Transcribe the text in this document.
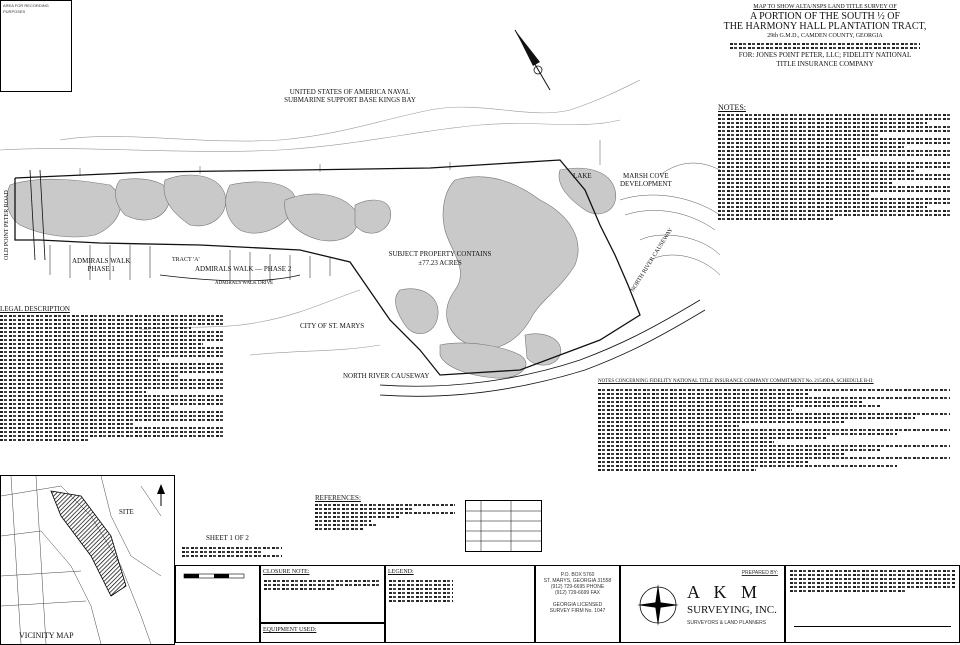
AREA FOR RECORDING PURPOSES
MAP TO SHOW ALTA/NSPS LAND TITLE SURVEY OF
A PORTION OF THE SOUTH ½ OF
THE HARMONY HALL PLANTATION TRACT,
29th G.M.D., CAMDEN COUNTY, GEORGIA
FOR: JONES POINT PETER, LLC; FIDELITY NATIONAL
TITLE INSURANCE COMPANY
UNITED STATES OF AMERICA NAVAL
SUBMARINE SUPPORT BASE KINGS BAY
LAKE	MARSH COVE
DEVELOPMENT
SUBJECT PROPERTY CONTAINS
±77.23 ACRES
ADMIRALS WALK
PHASE 1
TRACT 'A'
ADMIRALS WALK — PHASE 2
ADMIRALS WALK DRIVE
CITY OF ST. MARYS
NORTH RIVER CAUSEWAY
NORTH RIVER CAUSEWAY
OLD POINT PETER ROAD
NOTES:
LEGAL DESCRIPTION
NOTES CONCERNING FIDELITY NATIONAL TITLE INSURANCE COMPANY COMMITMENT No. 21549DA, SCHEDULE B-II:
SITE
VICINITY MAP
REFERENCES:
SHEET 1 OF 2
CLOSURE NOTE:
EQUIPMENT USED:
LEGEND:	P.O. BOX 5760
ST. MARYS, GEORGIA 31558
(912) 729-6695 PHONE
(912) 729-6699 FAX
GEORGIA LICENSED
SURVEY FIRM No. 1047
PREPARED BY:
A K M
SURVEYING, INC.
SURVEYORS & LAND PLANNERS
